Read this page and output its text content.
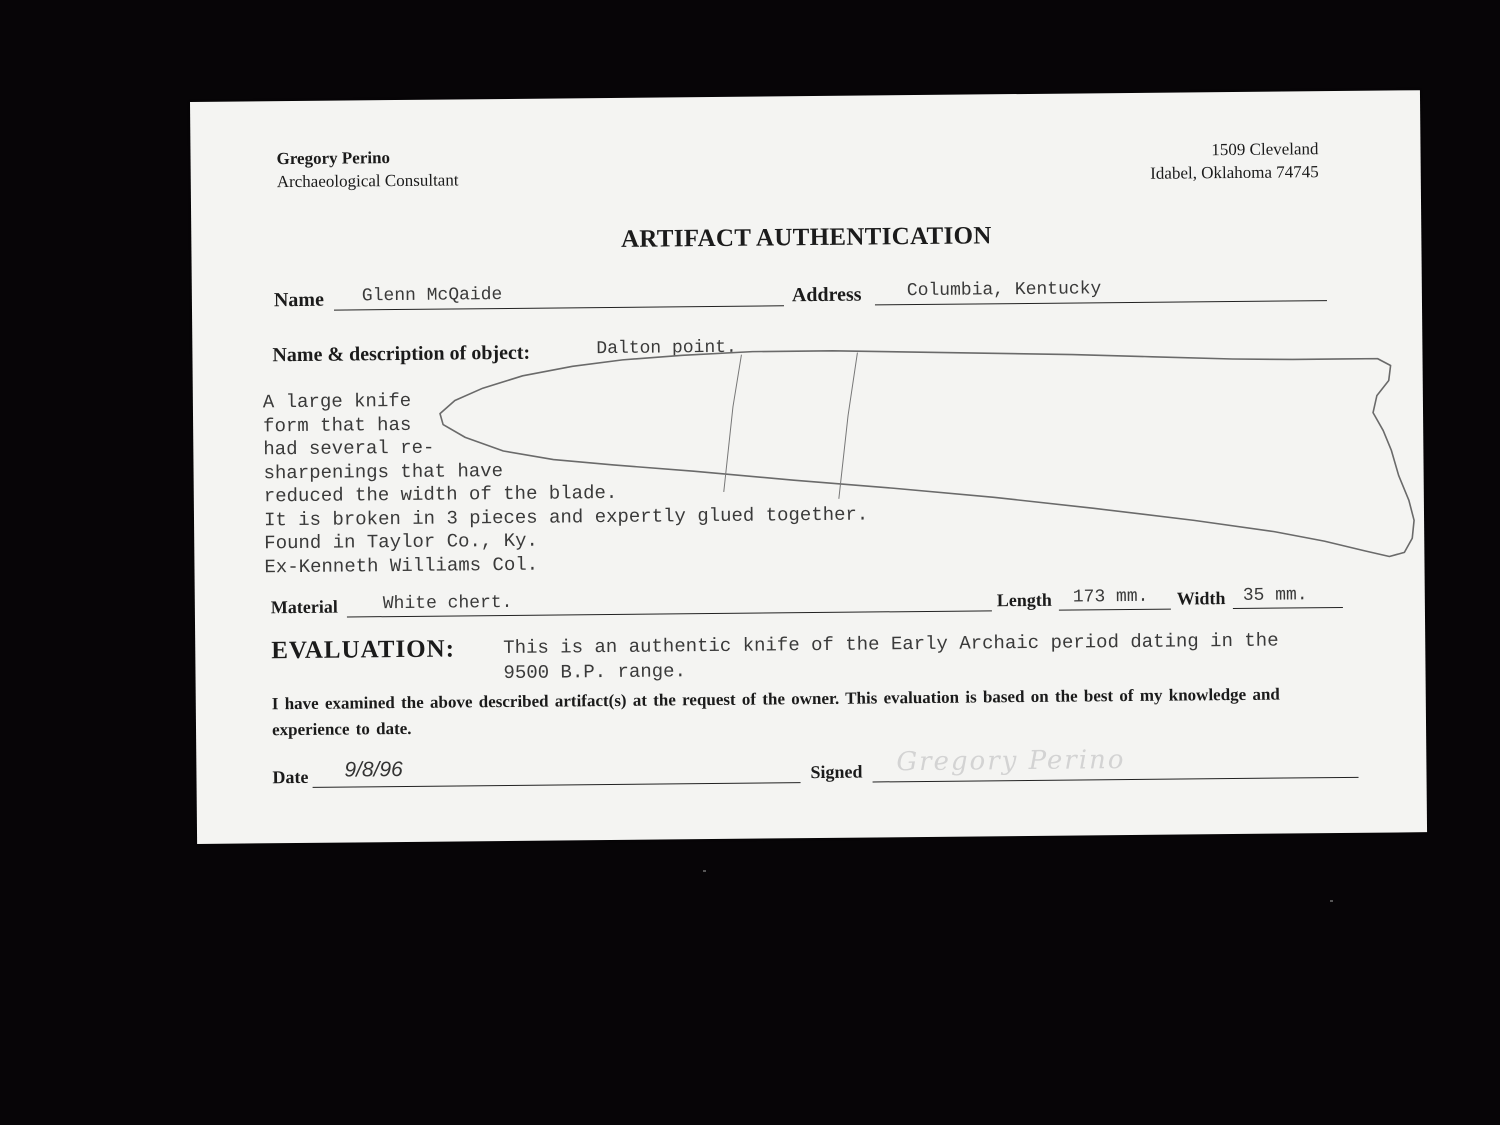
Gregory Perino
Archaeological Consultant
1509 Cleveland
Idabel, Oklahoma 74745
ARTIFACT AUTHENTICATION
Name Glenn McQaide	Address	Columbia, Kentucky
Name & description of object:	Dalton point.
A large knife
form that has
had several re-
sharpenings that have
reduced the width of the blade.
It is broken in 3 pieces and expertly glued together.
Found in Taylor Co., Ky.
Ex-Kenneth Williams Col.
Material White chert.	Length 173 mm. Width 35 mm.
EVALUATION:	This is an authentic knife of the Early Archaic period dating in the
9500 B.P. range.
I have examined the above described artifact(s) at the request of the owner. This evaluation is based on the best of my knowledge and experience to date.
Date 9/8/96	Signed Gregory Perino
